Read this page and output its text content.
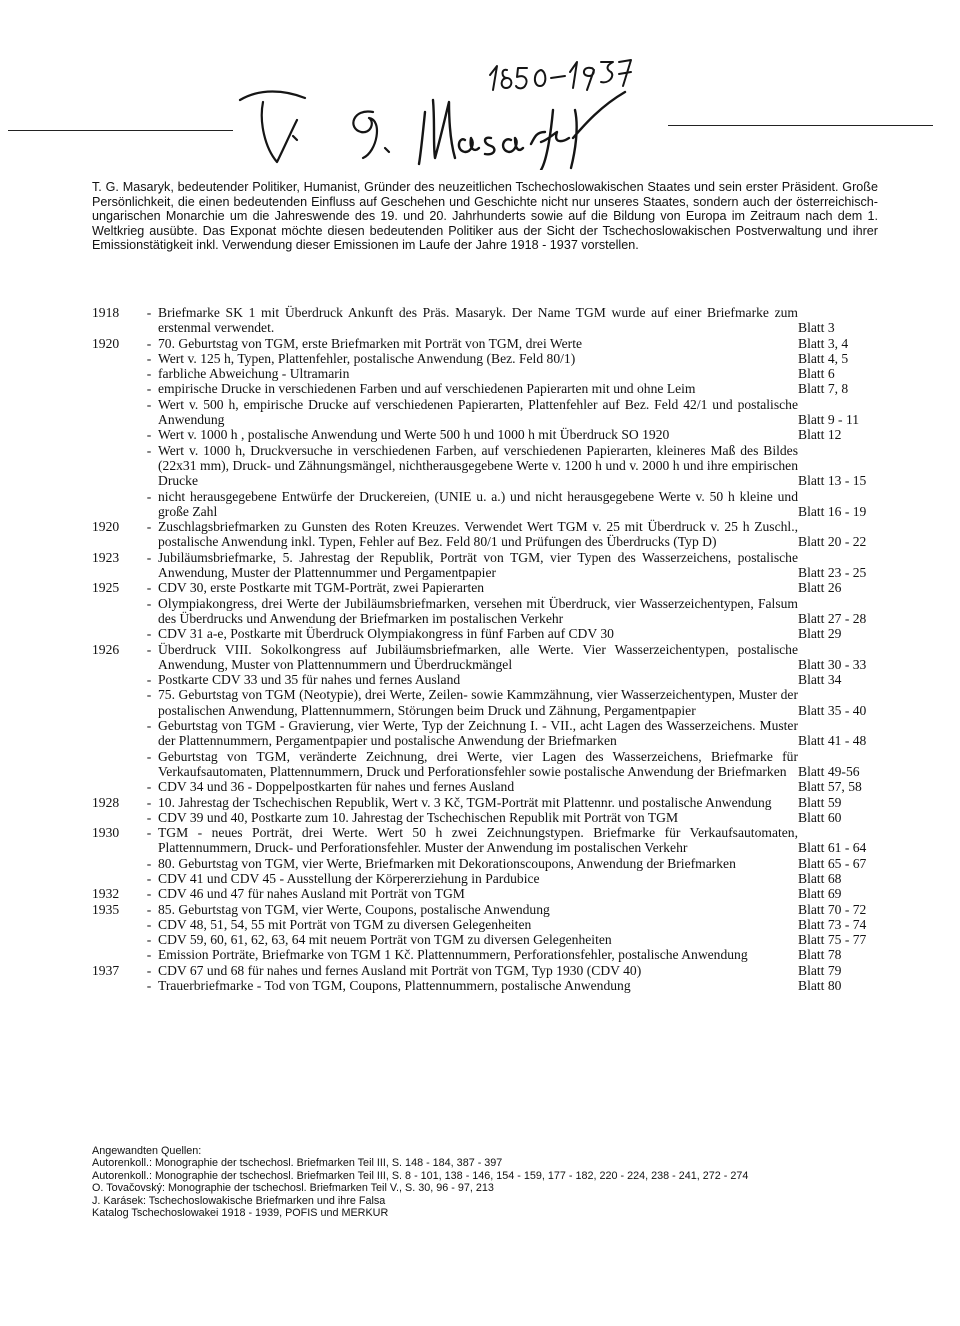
T. G. Masaryk, bedeutender Politiker, Humanist, Gründer des neuzeitlichen Tschechoslowakischen Staates und sein erster Präsident. Große Persönlichkeit, die einen bedeutenden Einfluss auf Geschehen und Geschichte nicht nur unseres Staates, sondern auch der österreichisch-ungarischen Monarchie um die Jahreswende des 19. und 20. Jahrhunderts sowie auf die Bildung von Europa im Zeitraum nach dem 1. Weltkrieg ausübte. Das Exponat möchte diesen bedeutenden Politiker aus der Sicht der Tschechoslowakischen Postverwaltung und ihrer Emissionstätigkeit inkl. Verwendung dieser Emissionen im Laufe der Jahre 1918 - 1937 vorstellen.

1918	- Briefmarke SK 1 mit Überdruck Ankunft des Präs. Masaryk. Der Name TGM wurde auf einer Briefmarke zum erstenmal verwendet.	Blatt 3
1920	- 70. Geburtstag von TGM, erste Briefmarken mit Porträt von TGM, drei Werte	Blatt 3, 4
- Wert v. 125 h, Typen, Plattenfehler, postalische Anwendung (Bez. Feld 80/1)	Blatt 4, 5
- farbliche Abweichung - Ultramarin	Blatt 6
- empirische Drucke in verschiedenen Farben und auf verschiedenen Papierarten mit und ohne Leim	Blatt 7, 8
- Wert v. 500 h, empirische Drucke auf verschiedenen Papierarten, Plattenfehler auf Bez. Feld 42/1 und postalische Anwendung	Blatt 9 - 11
- Wert v. 1000 h , postalische Anwendung und Werte 500 h und 1000 h mit Überdruck SO 1920	Blatt 12
- Wert v. 1000 h, Druckversuche in verschiedenen Farben, auf verschiedenen Papierarten, kleineres Maß des Bildes (22x31 mm), Druck- und Zähnungsmängel, nichtherausgegebene Werte v. 1200 h und v. 2000 h und ihre empirischen Drucke	Blatt 13 - 15
- nicht herausgegebene Entwürfe der Druckereien, (UNIE u. a.) und nicht herausgegebene Werte v. 50 h kleine und große Zahl	Blatt 16 - 19
1920	- Zuschlagsbriefmarken zu Gunsten des Roten Kreuzes. Verwendet Wert TGM v. 25 mit Überdruck v. 25 h Zuschl., postalische Anwendung inkl. Typen, Fehler auf Bez. Feld 80/1 und Prüfungen des Überdrucks (Typ D)	Blatt 20 - 22
1923	- Jubiläumsbriefmarke, 5. Jahrestag der Republik, Porträt von TGM, vier Typen des Wasserzeichens, postalische Anwendung, Muster der Plattennummer und Pergamentpapier	Blatt 23 - 25
1925	- CDV 30, erste Postkarte mit TGM-Porträt, zwei Papierarten	Blatt 26
- Olympiakongress, drei Werte der Jubiläumsbriefmarken, versehen mit Überdruck, vier Wasserzeichentypen, Falsum des Überdrucks und Anwendung der Briefmarken im postalischen Verkehr	Blatt 27 - 28
- CDV 31 a-e, Postkarte mit Überdruck Olympiakongress in fünf Farben auf CDV 30	Blatt 29
1926	- Überdruck VIII. Sokolkongress auf Jubiläumsbriefmarken, alle Werte. Vier Wasserzeichentypen, postalische Anwendung, Muster von Plattennummern und Überdruckmängel	Blatt 30 - 33
- Postkarte CDV 33 und 35 für nahes und fernes Ausland	Blatt 34
- 75. Geburtstag von TGM (Neotypie), drei Werte, Zeilen- sowie Kammzähnung, vier Wasserzeichentypen, Muster der postalischen Anwendung, Plattennummern, Störungen beim Druck und Zähnung, Pergamentpapier	Blatt 35 - 40
- Geburtstag von TGM - Gravierung, vier Werte, Typ der Zeichnung I. - VII., acht Lagen des Wasserzeichens. Muster der Plattennummern, Pergamentpapier und postalische Anwendung der Briefmarken	Blatt 41 - 48
- Geburtstag von TGM, veränderte Zeichnung, drei Werte, vier Lagen des Wasserzeichens, Briefmarke für Verkaufsautomaten, Plattennummern, Druck und Perforationsfehler sowie postalische Anwendung der Briefmarken Blatt 49-56
- CDV 34 und 36 - Doppelpostkarten für nahes und fernes Ausland	Blatt 57, 58
1928	- 10. Jahrestag der Tschechischen Republik, Wert v. 3 Kč, TGM-Porträt mit Plattennr. und postalische Anwendung	Blatt 59
- CDV 39 und 40, Postkarte zum 10. Jahrestag der Tschechischen Republik mit Porträt von TGM	Blatt 60
1930	- TGM - neues Porträt, drei Werte. Wert 50 h zwei Zeichnungstypen. Briefmarke für Verkaufsautomaten, Plattennummern, Druck- und Perforationsfehler. Muster der Anwendung im postalischen Verkehr	Blatt 61 - 64
- 80. Geburtstag von TGM, vier Werte, Briefmarken mit Dekorationscoupons, Anwendung der Briefmarken	Blatt 65 - 67
- CDV 41 und CDV 45 - Ausstellung der Körpererziehung in Pardubice	Blatt 68
1932	- CDV 46 und 47 für nahes Ausland mit Porträt von TGM	Blatt 69
1935	- 85. Geburtstag von TGM, vier Werte, Coupons, postalische Anwendung	Blatt 70 - 72
- CDV 48, 51, 54, 55 mit Porträt von TGM zu diversen Gelegenheiten	Blatt 73 - 74
- CDV 59, 60, 61, 62, 63, 64 mit neuem Porträt von TGM zu diversen Gelegenheiten	Blatt 75 - 77
- Emission Porträte, Briefmarke von TGM 1 Kč. Plattennummern, Perforationsfehler, postalische Anwendung	Blatt 78
1937	- CDV 67 und 68 für nahes und fernes Ausland mit Porträt von TGM, Typ 1930 (CDV 40)	Blatt 79
- Trauerbriefmarke - Tod von TGM, Coupons, Plattennummern, postalische Anwendung	Blatt 80
Angewandten Quellen:
Autorenkoll.: Monographie der tschechosl. Briefmarken Teil III, S. 148 - 184, 387 - 397
Autorenkoll.: Monographie der tschechosl. Briefmarken Teil III, S. 8 - 101, 138 - 146, 154 - 159, 177 - 182, 220 - 224, 238 - 241, 272 - 274
O. Tovačovský: Monographie der tschechosl. Briefmarken Teil V., S. 30, 96 - 97, 213
J. Karásek: Tschechoslowakische Briefmarken und ihre Falsa
Katalog Tschechoslowakei 1918 - 1939, POFIS und MERKUR
